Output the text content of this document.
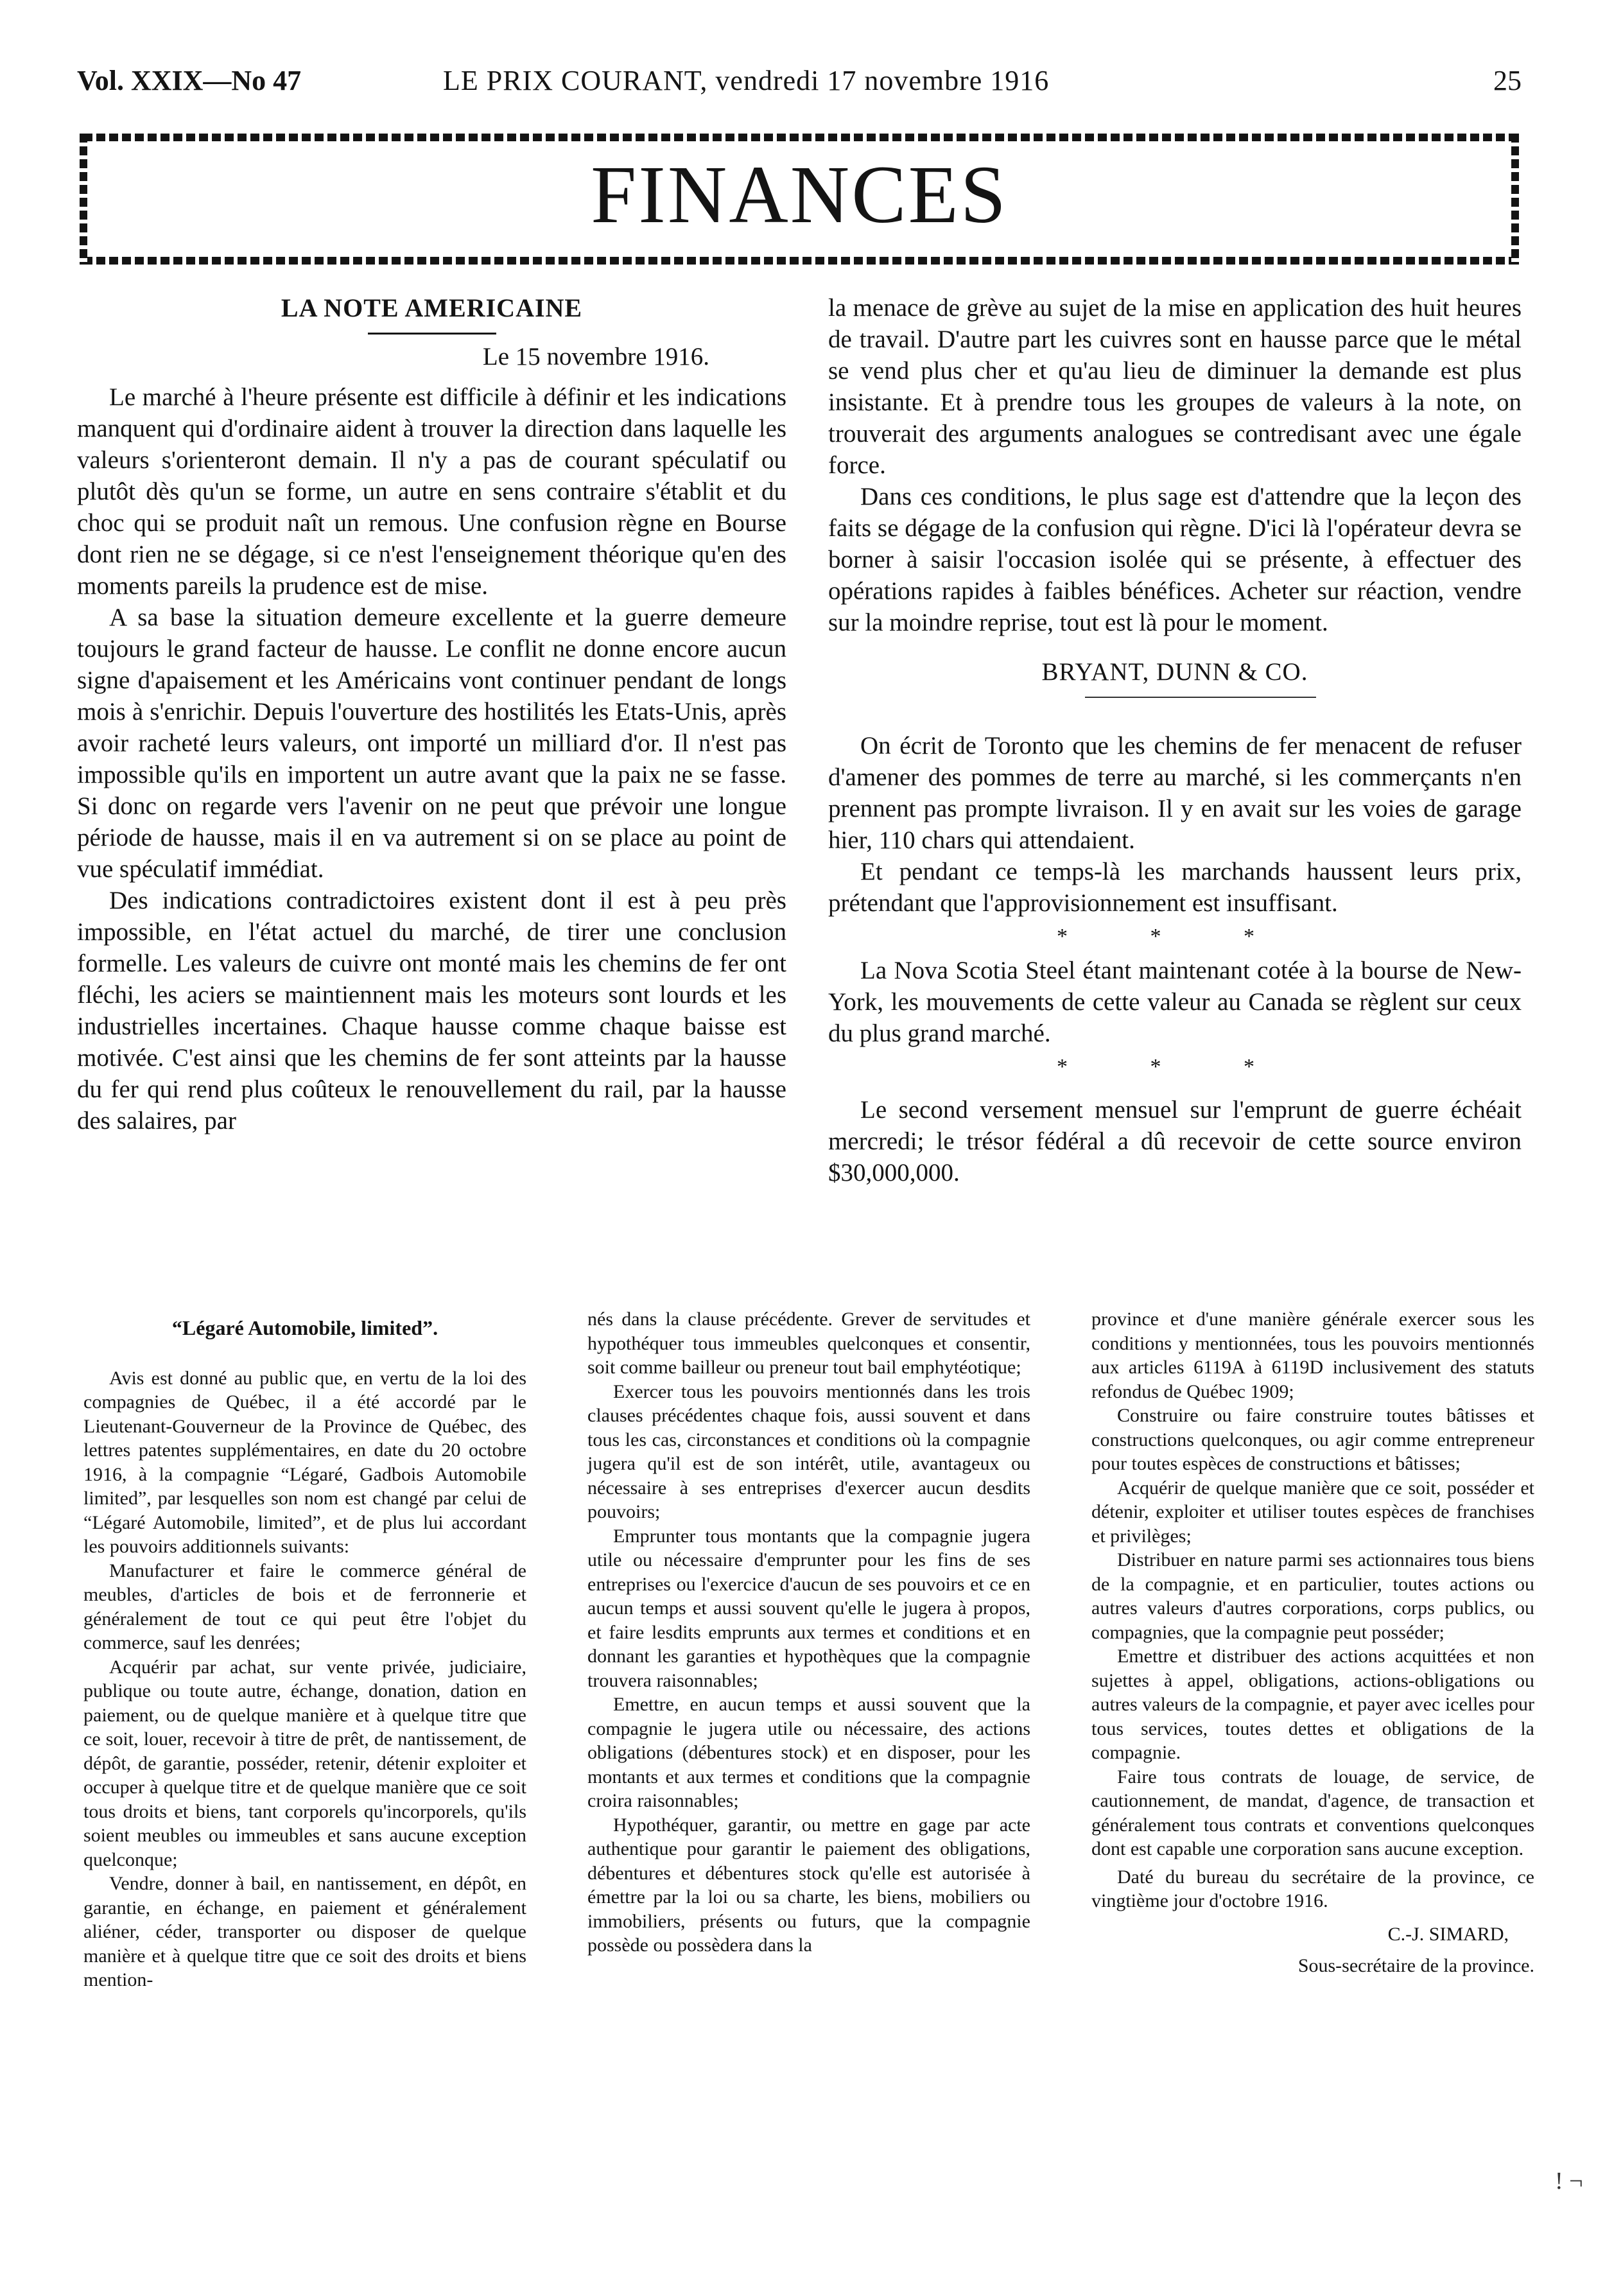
Vol. XXIX—No 47	LE PRIX COURANT, vendredi 17 novembre 1916	25
FINANCES
LA NOTE AMERICAINE
Le 15 novembre 1916.

Le marché à l'heure présente est difficile à définir et les indications manquent qui d'ordinaire aident à trouver la direction dans laquelle les valeurs s'orienteront demain. Il n'y a pas de courant spéculatif ou plutôt dès qu'un se forme, un autre en sens contraire s'établit et du choc qui se produit naît un remous. Une confusion règne en Bourse dont rien ne se dégage, si ce n'est l'enseignement théorique qu'en des moments pareils la prudence est de mise.

A sa base la situation demeure excellente et la guerre demeure toujours le grand facteur de hausse. Le conflit ne donne encore aucun signe d'apaisement et les Américains vont continuer pendant de longs mois à s'enrichir. Depuis l'ouverture des hostilités les Etats-Unis, après avoir racheté leurs valeurs, ont importé un milliard d'or. Il n'est pas impossible qu'ils en importent un autre avant que la paix ne se fasse. Si donc on regarde vers l'avenir on ne peut que prévoir une longue période de hausse, mais il en va autrement si on se place au point de vue spéculatif immédiat.

Des indications contradictoires existent dont il est à peu près impossible, en l'état actuel du marché, de tirer une conclusion formelle. Les valeurs de cuivre ont monté mais les chemins de fer ont fléchi, les aciers se maintiennent mais les moteurs sont lourds et les industrielles incertaines. Chaque hausse comme chaque baisse est motivée. C'est ainsi que les chemins de fer sont atteints par la hausse du fer qui rend plus coûteux le renouvellement du rail, par la hausse des salaires, par

la menace de grève au sujet de la mise en application des huit heures de travail. D'autre part les cuivres sont en hausse parce que le métal se vend plus cher et qu'au lieu de diminuer la demande est plus insistante. Et à prendre tous les groupes de valeurs à la note, on trouverait des arguments analogues se contredisant avec une égale force.

Dans ces conditions, le plus sage est d'attendre que la leçon des faits se dégage de la confusion qui règne. D'ici là l'opérateur devra se borner à saisir l'occasion isolée qui se présente, à effectuer des opérations rapides à faibles bénéfices. Acheter sur réaction, vendre sur la moindre reprise, tout est là pour le moment.

BRYANT, DUNN & CO.

On écrit de Toronto que les chemins de fer menacent de refuser d'amener des pommes de terre au marché, si les commerçants n'en prennent pas prompte livraison. Il y en avait sur les voies de garage hier, 110 chars qui attendaient.

Et pendant ce temps-là les marchands haussent leurs prix, prétendant que l'approvisionnement est insuffisant.

* * *

La Nova Scotia Steel étant maintenant cotée à la bourse de New-York, les mouvements de cette valeur au Canada se règlent sur ceux du plus grand marché.

* * *

Le second versement mensuel sur l'emprunt de guerre échéait mercredi; le trésor fédéral a dû recevoir de cette source environ $30,000,000.

“Légaré Automobile, limited”.

Avis est donné au public que, en vertu de la loi des compagnies de Québec, il a été accordé par le Lieutenant-Gouverneur de la Province de Québec, des lettres patentes supplémentaires, en date du 20 octobre 1916, à la compagnie “Légaré, Gadbois Automobile limited”, par lesquelles son nom est changé par celui de “Légaré Automobile, limited”, et de plus lui accordant les pouvoirs additionnels suivants:

Manufacturer et faire le commerce général de meubles, d'articles de bois et de ferronnerie et généralement de tout ce qui peut être l'objet du commerce, sauf les denrées;

Acquérir par achat, sur vente privée, judiciaire, publique ou toute autre, échange, donation, dation en paiement, ou de quelque manière et à quelque titre que ce soit, louer, recevoir à titre de prêt, de nantissement, de dépôt, de garantie, posséder, retenir, détenir exploiter et occuper à quelque titre et de quelque manière que ce soit tous droits et biens, tant corporels qu'incorporels, qu'ils soient meubles ou immeubles et sans aucune exception quelconque;

Vendre, donner à bail, en nantissement, en dépôt, en garantie, en échange, en paiement et généralement aliéner, céder, transporter ou disposer de quelque manière et à quelque titre que ce soit des droits et biens mention-

nés dans la clause précédente. Grever de servitudes et hypothéquer tous immeubles quelconques et consentir, soit comme bailleur ou preneur tout bail emphytéotique;

Exercer tous les pouvoirs mentionnés dans les trois clauses précédentes chaque fois, aussi souvent et dans tous les cas, circonstances et conditions où la compagnie jugera qu'il est de son intérêt, utile, avantageux ou nécessaire à ses entreprises d'exercer aucun desdits pouvoirs;

Emprunter tous montants que la compagnie jugera utile ou nécessaire d'emprunter pour les fins de ses entreprises ou l'exercice d'aucun de ses pouvoirs et ce en aucun temps et aussi souvent qu'elle le jugera à propos, et faire lesdits emprunts aux termes et conditions et en donnant les garanties et hypothèques que la compagnie trouvera raisonnables;

Emettre, en aucun temps et aussi souvent que la compagnie le jugera utile ou nécessaire, des actions obligations (débentures stock) et en disposer, pour les montants et aux termes et conditions que la compagnie croira raisonnables;

Hypothéquer, garantir, ou mettre en gage par acte authentique pour garantir le paiement des obligations, débentures et débentures stock qu'elle est autorisée à émettre par la loi ou sa charte, les biens, mobiliers ou immobiliers, présents ou futurs, que la compagnie possède ou possèdera dans la

province et d'une manière générale exercer sous les conditions y mentionnées, tous les pouvoirs mentionnés aux articles 6119A à 6119D inclusivement des statuts refondus de Québec 1909;

Construire ou faire construire toutes bâtisses et constructions quelconques, ou agir comme entrepreneur pour toutes espèces de constructions et bâtisses;

Acquérir de quelque manière que ce soit, posséder et détenir, exploiter et utiliser toutes espèces de franchises et privilèges;

Distribuer en nature parmi ses actionnaires tous biens de la compagnie, et en particulier, toutes actions ou autres valeurs d'autres corporations, corps publics, ou compagnies, que la compagnie peut posséder;

Emettre et distribuer des actions acquittées et non sujettes à appel, obligations, actions-obligations ou autres valeurs de la compagnie, et payer avec icelles pour tous services, toutes dettes et obligations de la compagnie.

Faire tous contrats de louage, de service, de cautionnement, de mandat, d'agence, de transaction et généralement tous contrats et conventions quelconques dont est capable une corporation sans aucune exception.

Daté du bureau du secrétaire de la province, ce vingtième jour d'octobre 1916.

C.-J. SIMARD,
Sous-secrétaire de la province.
! ¬
